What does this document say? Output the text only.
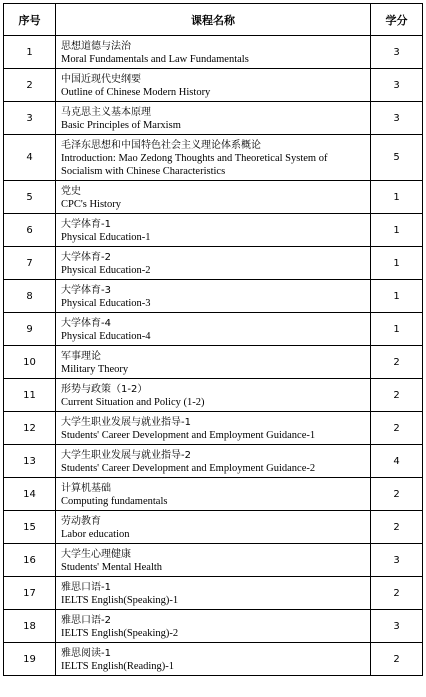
序号	课程名称	学分
1	思想道德与法治
Moral Fundamentals and Law Fundamentals	3
2	中国近现代史纲要
Outline of Chinese Modern History	3
3	马克思主义基本原理
Basic Principles of Marxism	3
4	毛泽东思想和中国特色社会主义理论体系概论
Introduction: Mao Zedong Thoughts and Theoretical System of Socialism with Chinese Characteristics	5
5	党史
CPC's History	1
6	大学体育-1
Physical Education-1	1
7	大学体育-2
Physical Education-2	1
8	大学体育-3
Physical Education-3	1
9	大学体育-4
Physical Education-4	1
10	军事理论
Military Theory	2
11	形势与政策（1-2）
Current Situation and Policy (1-2)	2
12	大学生职业发展与就业指导-1
Students' Career Development and Employment Guidance-1	2
13	大学生职业发展与就业指导-2
Students' Career Development and Employment Guidance-2	4
14	计算机基础
Computing fundamentals	2
15	劳动教育
Labor education	2
16	大学生心理健康
Students' Mental Health	3
17	雅思口语-1
IELTS English(Speaking)-1	2
18	雅思口语-2
IELTS English(Speaking)-2	3
19	雅思阅读-1
IELTS English(Reading)-1	2
